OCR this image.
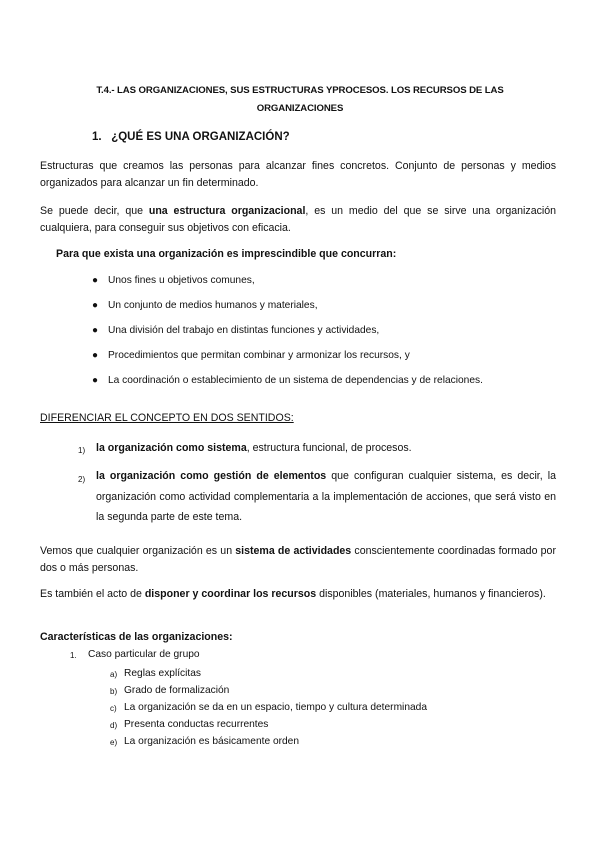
T.4.- LAS ORGANIZACIONES, SUS ESTRUCTURAS YPROCESOS. LOS RECURSOS DE LAS
ORGANIZACIONES
1. ¿QUÉ ES UNA ORGANIZACIÓN?
Estructuras que creamos las personas para alcanzar fines concretos. Conjunto de personas y medios organizados para alcanzar un fin determinado.
Se puede decir, que una estructura organizacional, es un medio del que se sirve una organización cualquiera, para conseguir sus objetivos con eficacia.
Para que exista una organización es imprescindible que concurran:
● Unos fines u objetivos comunes,
● Un conjunto de medios humanos y materiales,
● Una división del trabajo en distintas funciones y actividades,
● Procedimientos que permitan combinar y armonizar los recursos, y
● La coordinación o establecimiento de un sistema de dependencias y de relaciones.
DIFERENCIAR EL CONCEPTO EN DOS SENTIDOS:
1) la organización como sistema, estructura funcional, de procesos.
2) la organización como gestión de elementos que configuran cualquier sistema, es decir, la organización como actividad complementaria a la implementación de acciones, que será visto en la segunda parte de este tema.
Vemos que cualquier organización es un sistema de actividades conscientemente coordinadas formado por dos o más personas.
Es también el acto de disponer y coordinar los recursos disponibles (materiales, humanos y financieros).
Características de las organizaciones:
1. Caso particular de grupo
a) Reglas explícitas
b) Grado de formalización
c) La organización se da en un espacio, tiempo y cultura determinada
d) Presenta conductas recurrentes
e) La organización es básicamente orden
